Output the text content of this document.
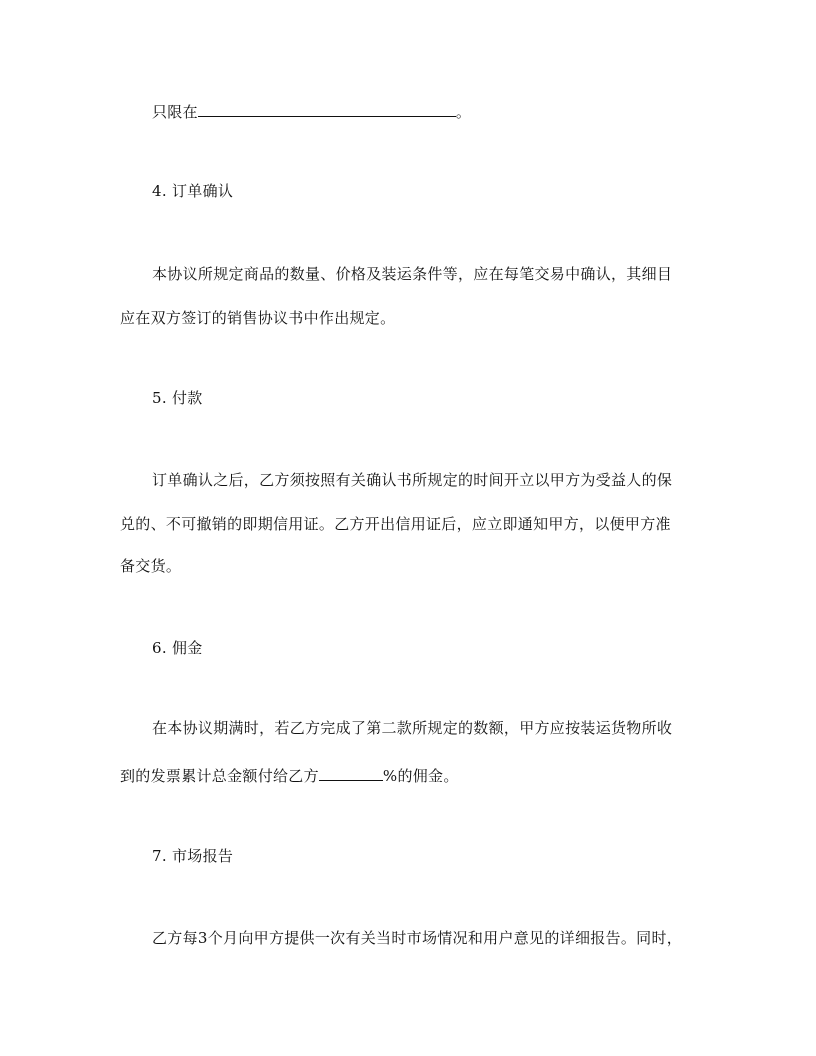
只限在	。
4. 订单确认
本协议所规定商品的数量、价格及装运条件等，应在每笔交易中确认，其细目
应在双方签订的销售协议书中作出规定。
5. 付款
订单确认之后，乙方须按照有关确认书所规定的时间开立以甲方为受益人的保
兑的、不可撤销的即期信用证。乙方开出信用证后，应立即通知甲方，以便甲方准
备交货。
6. 佣金
在本协议期满时，若乙方完成了第二款所规定的数额，甲方应按装运货物所收
到的发票累计总金额付给乙方	%的佣金。
7. 市场报告
乙方每3个月向甲方提供一次有关当时市场情况和用户意见的详细报告。同时，
